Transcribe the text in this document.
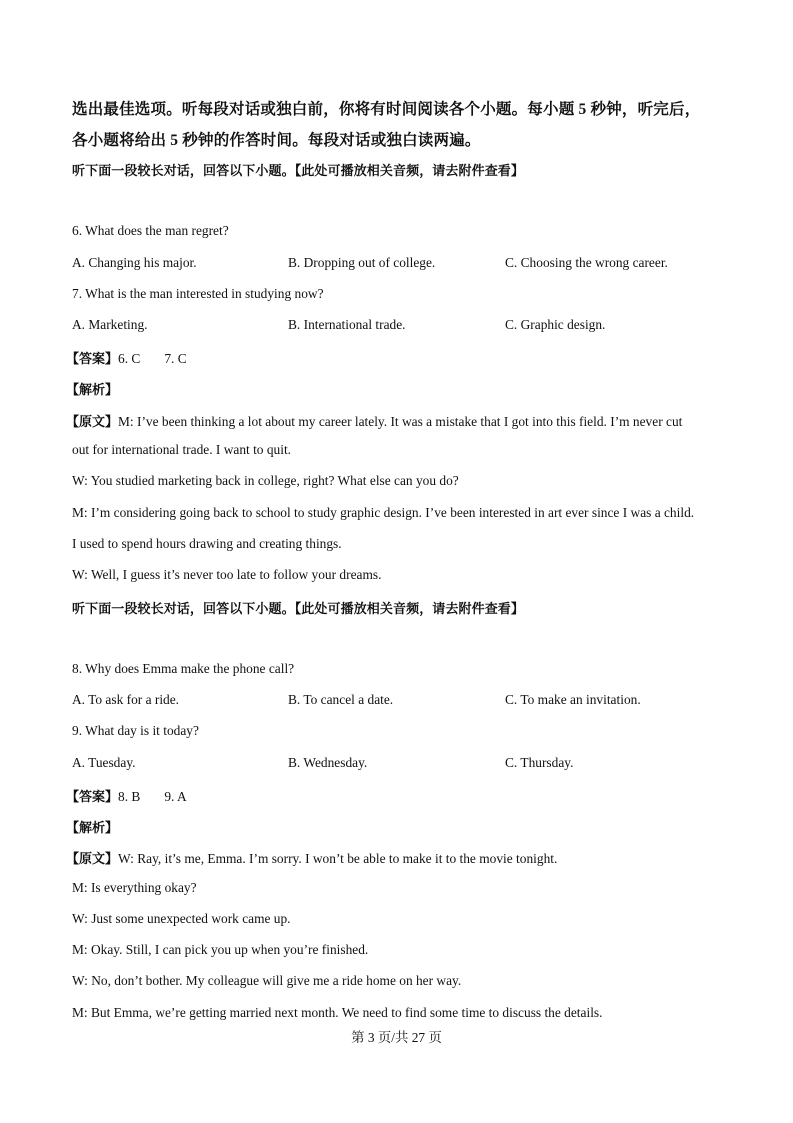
选出最佳选项。听每段对话或独白前，你将有时间阅读各个小题。每小题 5 秒钟，听完后，
各小题将给出 5 秒钟的作答时间。每段对话或独白读两遍。
听下面一段较长对话，回答以下小题。【此处可播放相关音频，请去附件查看】
6. What does the man regret?
A. Changing his major.	B. Dropping out of college.	C. Choosing the wrong career.
7. What is the man interested in studying now?
A. Marketing.	B. International trade.	C. Graphic design.
【答案】6. C 7. C
【解析】
【原文】M: I’ve been thinking a lot about my career lately. It was a mistake that I got into this field. I’m never cut
out for international trade. I want to quit.
W: You studied marketing back in college, right? What else can you do?
M: I’m considering going back to school to study graphic design. I’ve been interested in art ever since I was a child.
I used to spend hours drawing and creating things.
W: Well, I guess it’s never too late to follow your dreams.
听下面一段较长对话，回答以下小题。【此处可播放相关音频，请去附件查看】
8. Why does Emma make the phone call?
A. To ask for a ride.	B. To cancel a date.	C. To make an invitation.
9. What day is it today?
A. Tuesday.	B. Wednesday.	C. Thursday.
【答案】8. B 9. A
【解析】
【原文】W: Ray, it’s me, Emma. I’m sorry. I won’t be able to make it to the movie tonight.
M: Is everything okay?
W: Just some unexpected work came up.
M: Okay. Still, I can pick you up when you’re finished.
W: No, don’t bother. My colleague will give me a ride home on her way.
M: But Emma, we’re getting married next month. We need to find some time to discuss the details.
第 3 页/共 27 页
